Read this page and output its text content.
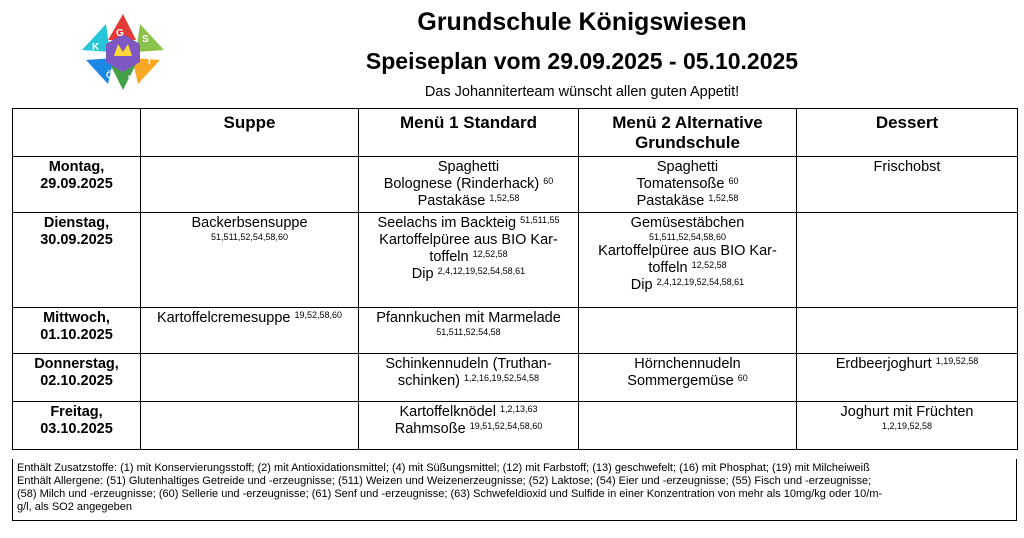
G
S
K
I
Ö W
Grundschule Königswiesen
Speiseplan vom 29.09.2025 - 05.10.2025
Das Johanniterteam wünscht allen guten Appetit!
	Suppe	Menü 1 Standard	Menü 2 Alternative Grundschule	Dessert

Montag,
29.09.2025		Spaghetti
Bolognese (Rinderhack) $^{60}$
Pastakäse $^{1,52,58}$	Spaghetti
Tomatensoße $^{60}$
Pastakäse $^{1,52,58}$	Frischobst

Dienstag,
30.09.2025	Backerbsensuppe
51,511,52,54,58,60	Seelachs im Backteig $^{51,511,55}$
Kartoffelpüree aus BIO Kar-
toffeln $^{12,52,58}$
Dip $^{2,4,12,19,52,54,58,61}$	Gemüsestäbchen
51,511,52,54,58,60
Kartoffelpüree aus BIO Kar-
toffeln $^{12,52,58}$
Dip $^{2,4,12,19,52,54,58,61}$

Mittwoch,
01.10.2025	Kartoffelcremesuppe $^{19,52,58,60}$	Pfannkuchen mit Marmelade
51,511,52,54,58		

Donnerstag,
02.10.2025		Schinkennudeln (Truthan-
schinken) $^{1,2,16,19,52,54,58}$	Hörnchennudeln
Sommergemüse $^{60}$	Erdbeerjoghurt $^{1,19,52,58}$

Freitag,
03.10.2025		Kartoffelknödel $^{1,2,13,63}$
Rahmsoße $^{19,51,52,54,58,60}$		Joghurt mit Früchten
1,2,19,52,58
Enthält Zusatzstoffe: (1) mit Konservierungsstoff; (2) mit Antioxidationsmittel; (4) mit Süßungsmittel; (12) mit Farbstoff; (13) geschwefelt; (16) mit Phosphat; (19) mit Milcheiweiß
Enthält Allergene: (51) Glutenhaltiges Getreide und -erzeugnisse; (511) Weizen und Weizenerzeugnisse; (52) Laktose; (54) Eier und -erzeugnisse; (55) Fisch und -erzeugnisse;
(58) Milch und -erzeugnisse; (60) Sellerie und -erzeugnisse; (61) Senf und -erzeugnisse; (63) Schwefeldioxid und Sulfide in einer Konzentration von mehr als 10mg/kg oder 10/m-
g/l, als SO2 angegeben
